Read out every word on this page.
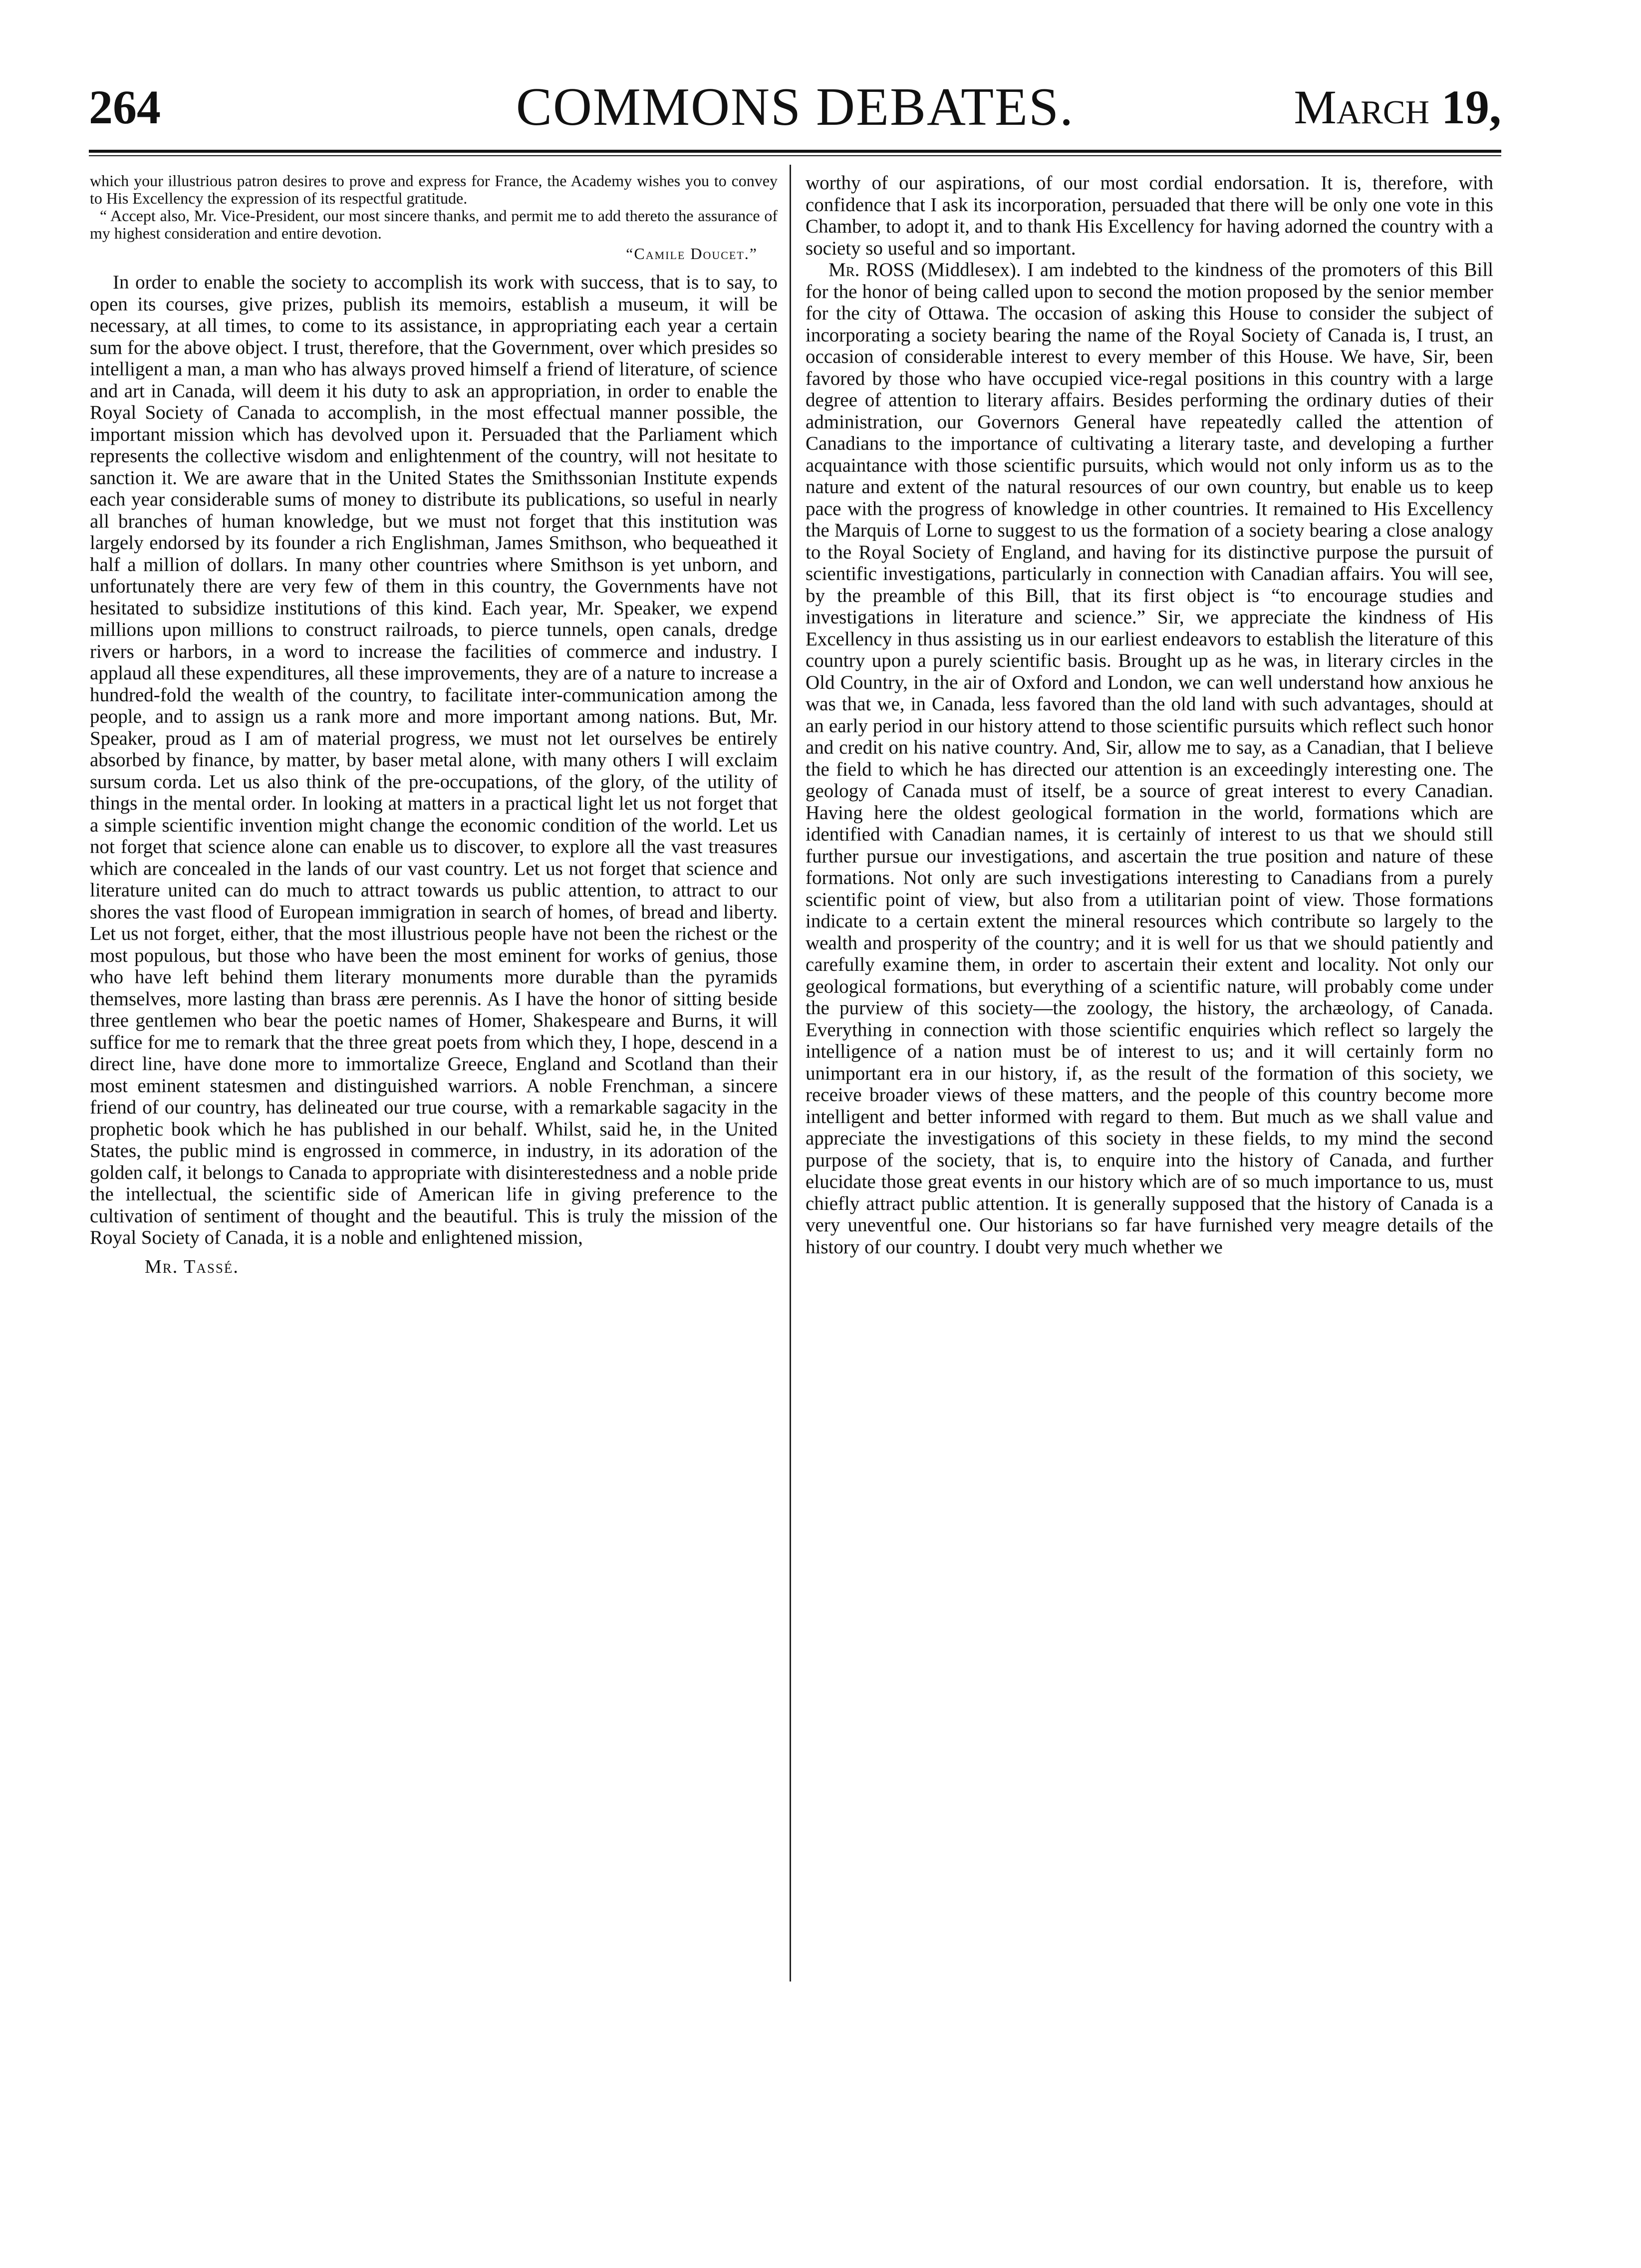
264	COMMONS DEBATES.	March 19,

which your illustrious patron desires to prove and express for France, the Academy wishes you to convey to His Excellency the expression of its respectful gratitude.

“ Accept also, Mr. Vice-President, our most sincere thanks, and permit me to add thereto the assurance of my highest consideration and entire devotion.

“Camile Doucet.”

In order to enable the society to accomplish its work with success, that is to say, to open its courses, give prizes, publish its memoirs, establish a museum, it will be necessary, at all times, to come to its assistance, in appropriating each year a certain sum for the above object. I trust, therefore, that the Government, over which presides so intelligent a man, a man who has always proved himself a friend of literature, of science and art in Canada, will deem it his duty to ask an appropriation, in order to enable the Royal Society of Canada to accomplish, in the most effectual manner possible, the important mission which has devolved upon it. Persuaded that the Parliament which represents the collective wisdom and enlightenment of the country, will not hesitate to sanction it. We are aware that in the United States the Smithssonian Institute expends each year considerable sums of money to distribute its publications, so useful in nearly all branches of human knowledge, but we must not forget that this institution was largely endorsed by its founder a rich Englishman, James Smithson, who bequeathed it half a million of dollars. In many other countries where Smithson is yet unborn, and unfortunately there are very few of them in this country, the Governments have not hesitated to subsidize institutions of this kind. Each year, Mr. Speaker, we expend millions upon millions to construct railroads, to pierce tunnels, open canals, dredge rivers or harbors, in a word to increase the facilities of commerce and industry. I applaud all these expenditures, all these improvements, they are of a nature to increase a hundred-fold the wealth of the country, to facilitate inter-communication among the people, and to assign us a rank more and more important among nations. But, Mr. Speaker, proud as I am of material progress, we must not let ourselves be entirely absorbed by finance, by matter, by baser metal alone, with many others I will exclaim sursum corda. Let us also think of the pre-occupations, of the glory, of the utility of things in the mental order. In looking at matters in a practical light let us not forget that a simple scientific invention might change the economic condition of the world. Let us not forget that science alone can enable us to discover, to explore all the vast treasures which are concealed in the lands of our vast country. Let us not forget that science and literature united can do much to attract towards us public attention, to attract to our shores the vast flood of European immigration in search of homes, of bread and liberty. Let us not forget, either, that the most illustrious people have not been the richest or the most populous, but those who have been the most eminent for works of genius, those who have left behind them literary monuments more durable than the pyramids themselves, more lasting than brass ære perennis. As I have the honor of sitting beside three gentlemen who bear the poetic names of Homer, Shakespeare and Burns, it will suffice for me to remark that the three great poets from which they, I hope, descend in a direct line, have done more to immortalize Greece, England and Scotland than their most eminent statesmen and distinguished warriors. A noble Frenchman, a sincere friend of our country, has delineated our true course, with a remarkable sagacity in the prophetic book which he has published in our behalf. Whilst, said he, in the United States, the public mind is engrossed in commerce, in industry, in its adoration of the golden calf, it belongs to Canada to appropriate with disinterestedness and a noble pride the intellectual, the scientific side of American life in giving preference to the cultivation of sentiment of thought and the beautiful. This is truly the mission of the Royal Society of Canada, it is a noble and enlightened mission,

Mr. Tassé.

worthy of our aspirations, of our most cordial endorsation. It is, therefore, with confidence that I ask its incorporation, persuaded that there will be only one vote in this Chamber, to adopt it, and to thank His Excellency for having adorned the country with a society so useful and so important.

Mr. ROSS (Middlesex). I am indebted to the kindness of the promoters of this Bill for the honor of being called upon to second the motion proposed by the senior member for the city of Ottawa. The occasion of asking this House to consider the subject of incorporating a society bearing the name of the Royal Society of Canada is, I trust, an occasion of considerable interest to every member of this House. We have, Sir, been favored by those who have occupied vice-regal positions in this country with a large degree of attention to literary affairs. Besides performing the ordinary duties of their administration, our Governors General have repeatedly called the attention of Canadians to the importance of cultivating a literary taste, and developing a further acquaintance with those scientific pursuits, which would not only inform us as to the nature and extent of the natural resources of our own country, but enable us to keep pace with the progress of knowledge in other countries. It remained to His Excellency the Marquis of Lorne to suggest to us the formation of a society bearing a close analogy to the Royal Society of England, and having for its distinctive purpose the pursuit of scientific investigations, particularly in connection with Canadian affairs. You will see, by the preamble of this Bill, that its first object is “to encourage studies and investigations in literature and science.” Sir, we appreciate the kindness of His Excellency in thus assisting us in our earliest endeavors to establish the literature of this country upon a purely scientific basis. Brought up as he was, in literary circles in the Old Country, in the air of Oxford and London, we can well understand how anxious he was that we, in Canada, less favored than the old land with such advantages, should at an early period in our history attend to those scientific pursuits which reflect such honor and credit on his native country. And, Sir, allow me to say, as a Canadian, that I believe the field to which he has directed our attention is an exceedingly interesting one. The geology of Canada must of itself, be a source of great interest to every Canadian. Having here the oldest geological formation in the world, formations which are identified with Canadian names, it is certainly of interest to us that we should still further pursue our investigations, and ascertain the true position and nature of these formations. Not only are such investigations interesting to Canadians from a purely scientific point of view, but also from a utilitarian point of view. Those formations indicate to a certain extent the mineral resources which contribute so largely to the wealth and prosperity of the country; and it is well for us that we should patiently and carefully examine them, in order to ascertain their extent and locality. Not only our geological formations, but everything of a scientific nature, will probably come under the purview of this society—the zoology, the history, the archæology, of Canada. Everything in connection with those scientific enquiries which reflect so largely the intelligence of a nation must be of interest to us; and it will certainly form no unimportant era in our history, if, as the result of the formation of this society, we receive broader views of these matters, and the people of this country become more intelligent and better informed with regard to them. But much as we shall value and appreciate the investigations of this society in these fields, to my mind the second purpose of the society, that is, to enquire into the history of Canada, and further elucidate those great events in our history which are of so much importance to us, must chiefly attract public attention. It is generally supposed that the history of Canada is a very uneventful one. Our historians so far have furnished very meagre details of the history of our country. I doubt very much whether we
